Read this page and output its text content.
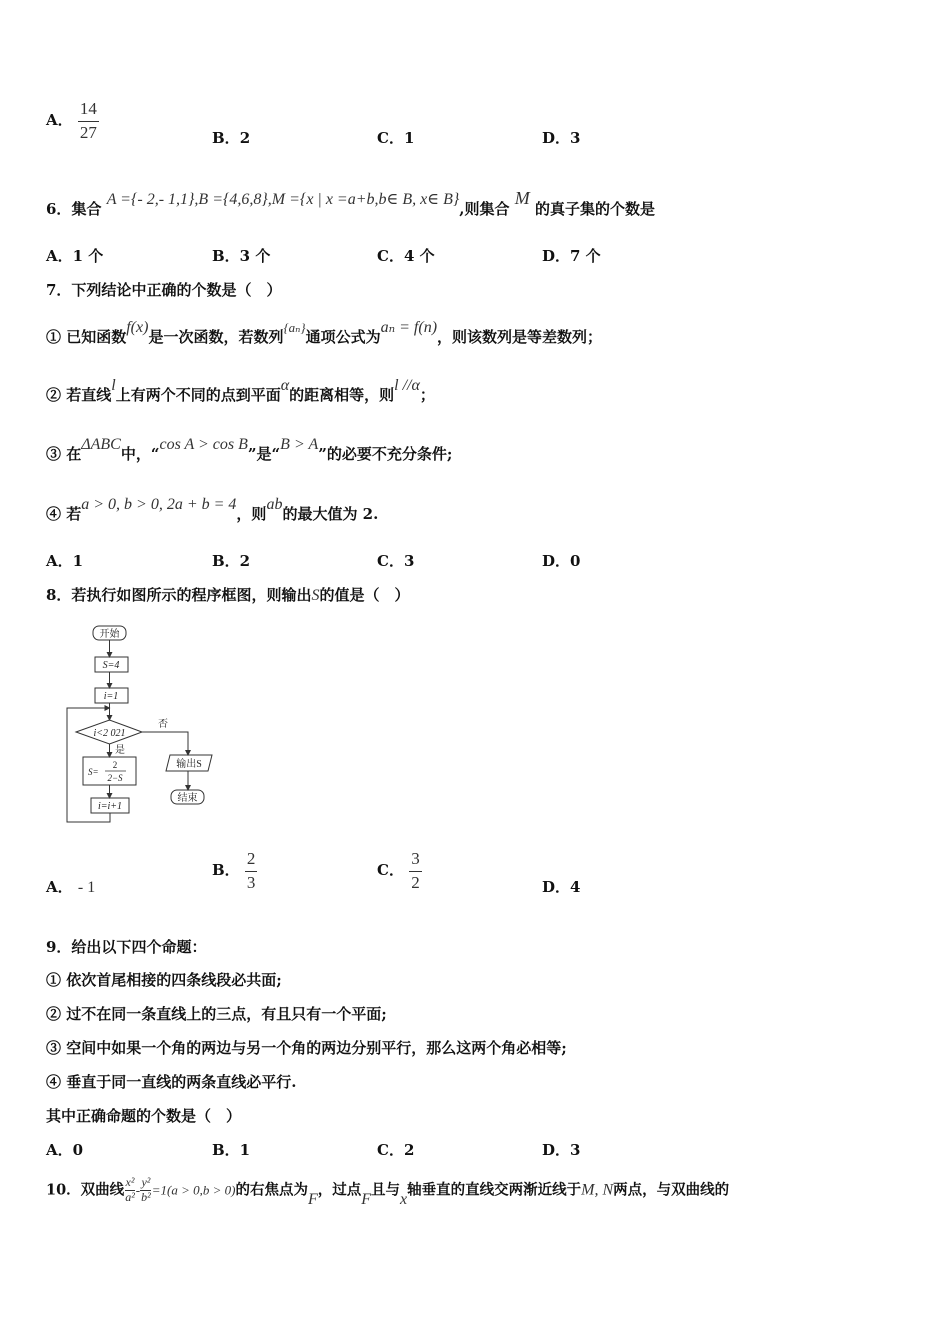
A． $\frac{14}{27}$	B．2	C．1	D．3
6．集合 A ={‐ 2,‐ 1,1},B ={4,6,8},M ={x | x =a+b,b∈ B, x∈ B},则集合 M 的真子集的个数是
A．1 个	B．3 个	C．4 个	D．7 个
7．下列结论中正确的个数是（　）
① 已知函数f(x)是一次函数，若数列{aₙ}通项公式为aₙ = f(n)，则该数列是等差数列；
② 若直线l上有两个不同的点到平面α的距离相等，则l //α；
③ 在ΔABC中，“cos A > cos B”是“B > A”的必要不充分条件;
④ 若a > 0, b > 0, 2a + b = 4，则ab的最大值为 2.
A．1	B．2	C．3	D．0
8．若执行如图所示的程序框图，则输出S的值是（　）
开始
S=4
i=1
i<2 021
否
是
S=
2
2−S
i=i+1
输出S
结束
A． ‐ 1
B． $\frac{2}{3}$	C． $\frac{3}{2}$	D．4
9．给出以下四个命题：
① 依次首尾相接的四条线段必共面;
② 过不在同一条直线上的三点，有且只有一个平面;
③ 空间中如果一个角的两边与另一个角的两边分别平行，那么这两个角必相等;
④ 垂直于同一直线的两条直线必平行.
其中正确命题的个数是（　）
A．0	B．1	C．2	D．3
10．双曲线 $\frac{\text{x²}}{\text{a²}}$ ‐ $\frac{\text{y²}}{\text{b²}} =1(a > 0,b > 0)$的右焦点为F，过点F且与x轴垂直的直线交两渐近线于M, N两点，与双曲线的
